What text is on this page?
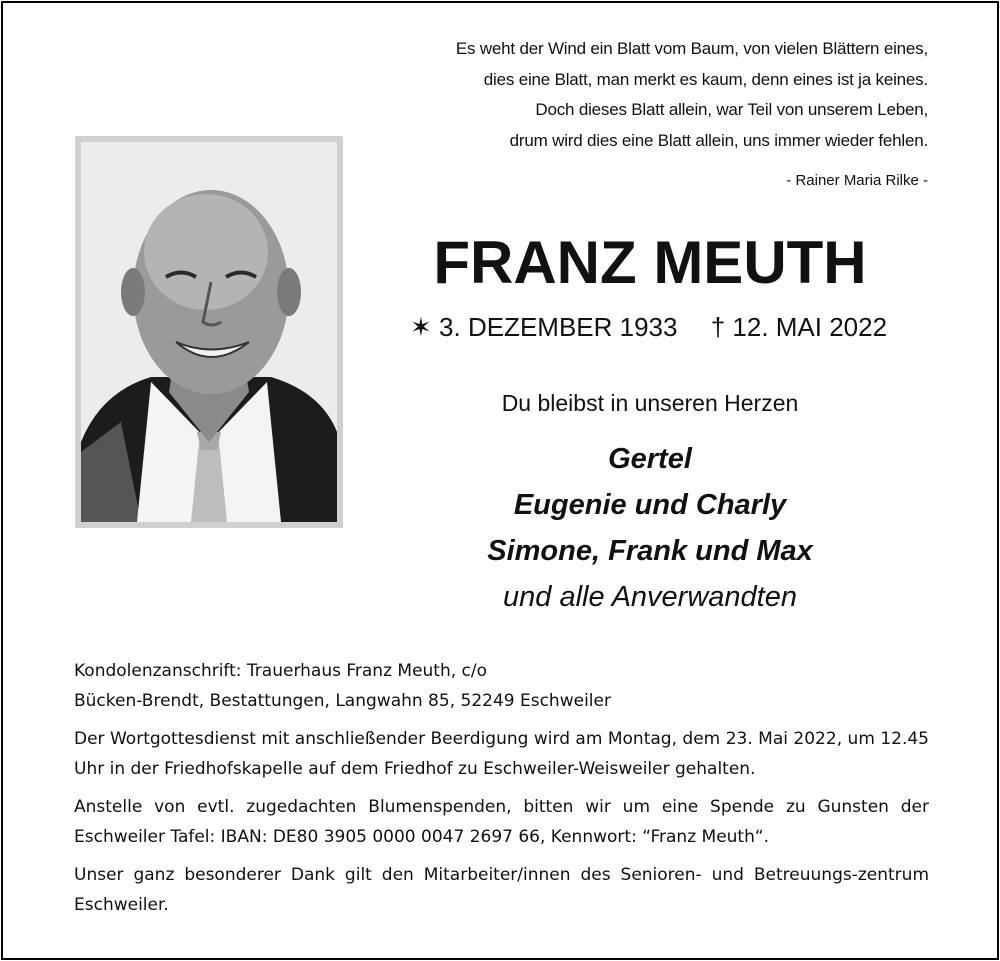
Es weht der Wind ein Blatt vom Baum, von vielen Blättern eines,
dies eine Blatt, man merkt es kaum, denn eines ist ja keines.
Doch dieses Blatt allein, war Teil von unserem Leben,
drum wird dies eine Blatt allein, uns immer wieder fehlen.
- Rainer Maria Rilke -
FRANZ MEUTH
✶ 3. DEZEMBER 1933 † 12. MAI 2022
Du bleibst in unseren Herzen
Gertel
Eugenie und Charly
Simone, Frank und Max
und alle Anverwandten

Kondolenzanschrift: Trauerhaus Franz Meuth, c/o
Bücken-Brendt, Bestattungen, Langwahn 85, 52249 Eschweiler

Der Wortgottesdienst mit anschließender Beerdigung wird am Montag, dem 23. Mai 2022, um 12.45 Uhr in der Friedhofskapelle auf dem Friedhof zu Eschweiler-Weisweiler gehalten.

Anstelle von evtl. zugedachten Blumenspenden, bitten wir um eine Spende zu Gunsten der Eschweiler Tafel: IBAN: DE80 3905 0000 0047 2697 66, Kennwort: “Franz Meuth“.

Unser ganz besonderer Dank gilt den Mitarbeiter/innen des Senioren- und Betreuungs-zentrum Eschweiler.
